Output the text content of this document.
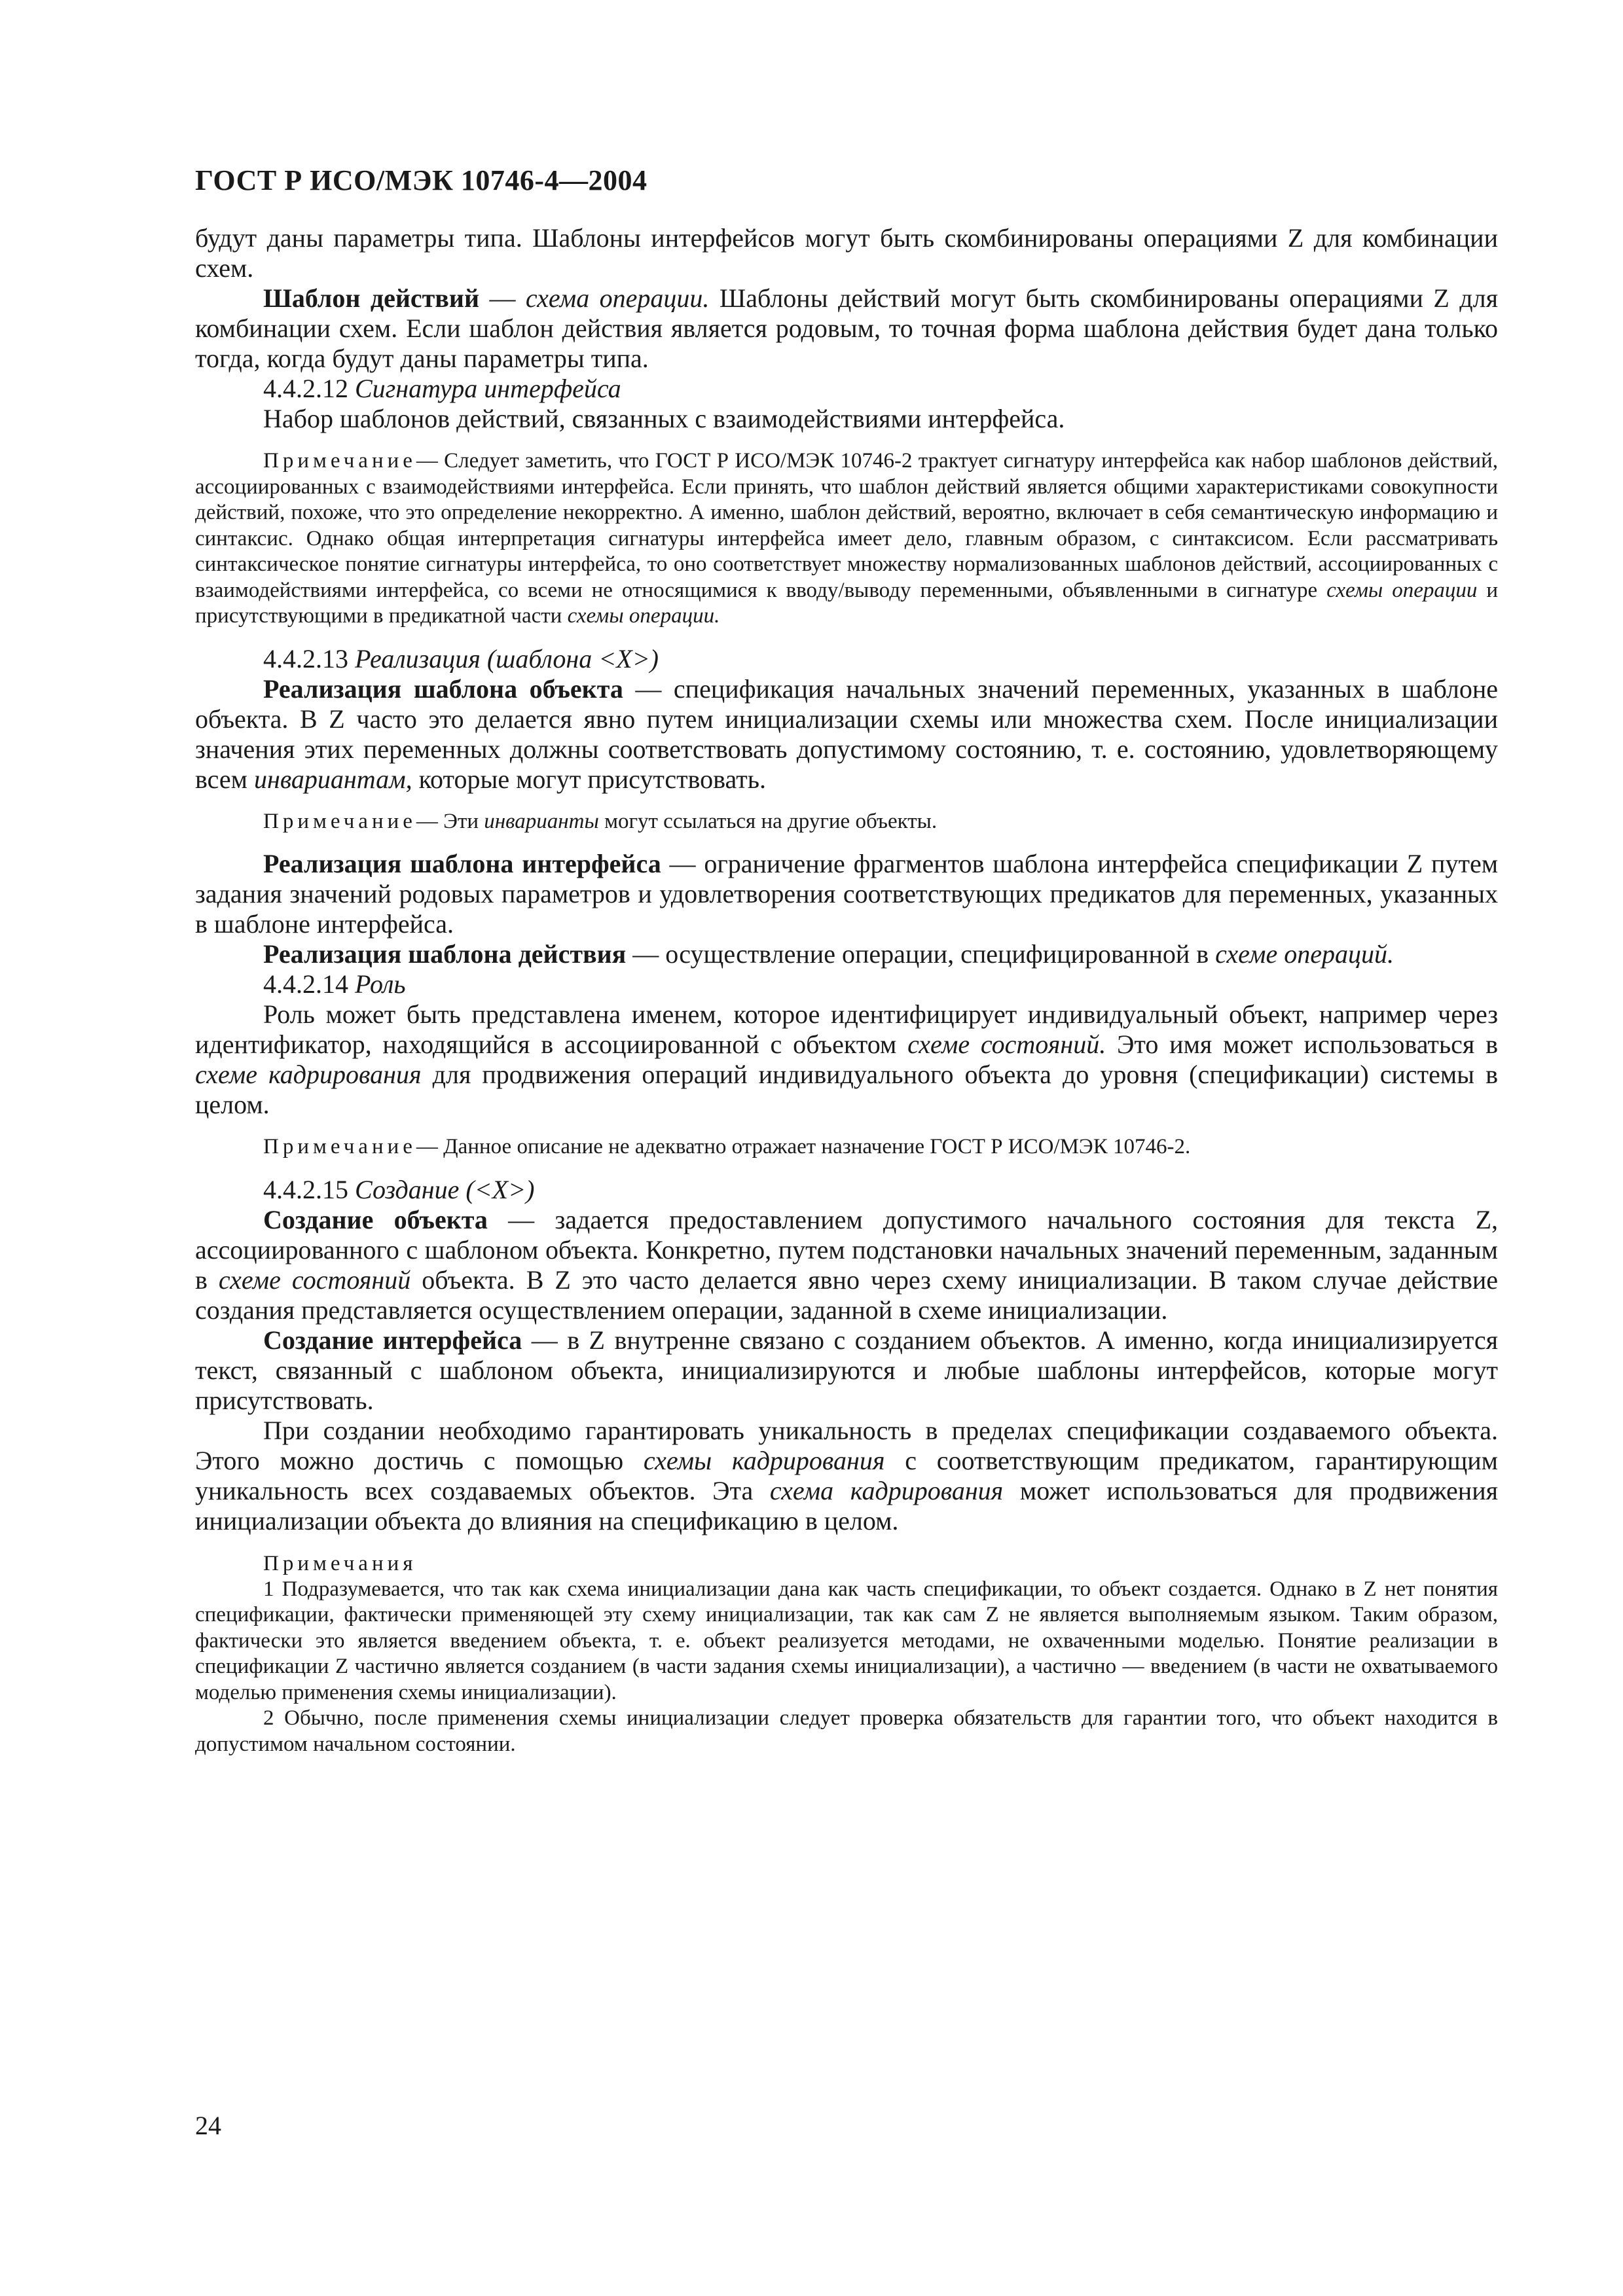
ГОСТ Р ИСО/МЭК 10746-4—2004

будут даны параметры типа. Шаблоны интерфейсов могут быть скомбинированы операциями Z для комбинации схем.

Шаблон действий — схема операции. Шаблоны действий могут быть скомбинированы операциями Z для комбинации схем. Если шаблон действия является родовым, то точная форма шаблона действия будет дана только тогда, когда будут даны параметры типа.

4.4.2.12 Сигнатура интерфейса

Набор шаблонов действий, связанных с взаимодействиями интерфейса.

Примечание— Следует заметить, что ГОСТ Р ИСО/МЭК 10746-2 трактует сигнатуру интерфейса как набор шаблонов действий, ассоциированных с взаимодействиями интерфейса. Если принять, что шаблон действий является общими характеристиками совокупности действий, похоже, что это определение некорректно. А именно, шаблон действий, вероятно, включает в себя семантическую информацию и синтаксис. Однако общая интерпретация сигнатуры интерфейса имеет дело, главным образом, с синтаксисом. Если рассматривать синтаксическое понятие сигнатуры интерфейса, то оно соответствует множеству нормализованных шаблонов действий, ассоциированных с взаимодействиями интерфейса, со всеми не относящимися к вводу/выводу переменными, объявленными в сигнатуре схемы операции и присутствующими в предикатной части схемы операции.

4.4.2.13 Реализация (шаблона <X>)

Реализация шаблона объекта — спецификация начальных значений переменных, указанных в шаблоне объекта. В Z часто это делается явно путем инициализации схемы или множества схем. После инициализации значения этих переменных должны соответствовать допустимому состоянию, т. е. состоянию, удовлетворяющему всем инвариантам, которые могут присутствовать.

Примечание— Эти инварианты могут ссылаться на другие объекты.

Реализация шаблона интерфейса — ограничение фрагментов шаблона интерфейса спецификации Z путем задания значений родовых параметров и удовлетворения соответствующих предикатов для переменных, указанных в шаблоне интерфейса.

Реализация шаблона действия — осуществление операции, специфицированной в схеме операций.

4.4.2.14 Роль

Роль может быть представлена именем, которое идентифицирует индивидуальный объект, например через идентификатор, находящийся в ассоциированной с объектом схеме состояний. Это имя может использоваться в схеме кадрирования для продвижения операций индивидуального объекта до уровня (спецификации) системы в целом.

Примечание— Данное описание не адекватно отражает назначение ГОСТ Р ИСО/МЭК 10746-2.

4.4.2.15 Создание (<X>)

Создание объекта — задается предоставлением допустимого начального состояния для текста Z, ассоциированного с шаблоном объекта. Конкретно, путем подстановки начальных значений переменным, заданным в схеме состояний объекта. В Z это часто делается явно через схему инициализации. В таком случае действие создания представляется осуществлением операции, заданной в схеме инициализации.

Создание интерфейса — в Z внутренне связано с созданием объектов. А именно, когда инициализируется текст, связанный с шаблоном объекта, инициализируются и любые шаблоны интерфейсов, которые могут присутствовать.

При создании необходимо гарантировать уникальность в пределах спецификации создаваемого объекта. Этого можно достичь с помощью схемы кадрирования с соответствующим предикатом, гарантирующим уникальность всех создаваемых объектов. Эта схема кадрирования может использоваться для продвижения инициализации объекта до влияния на спецификацию в целом.

Примечания

1 Подразумевается, что так как схема инициализации дана как часть спецификации, то объект создается. Однако в Z нет понятия спецификации, фактически применяющей эту схему инициализации, так как сам Z не является выполняемым языком. Таким образом, фактически это является введением объекта, т. е. объект реализуется методами, не охваченными моделью. Понятие реализации в спецификации Z частично является созданием (в части задания схемы инициализации), а частично — введением (в части не охватываемого моделью применения схемы инициализации).

2 Обычно, после применения схемы инициализации следует проверка обязательств для гарантии того, что объект находится в допустимом начальном состоянии.

24
